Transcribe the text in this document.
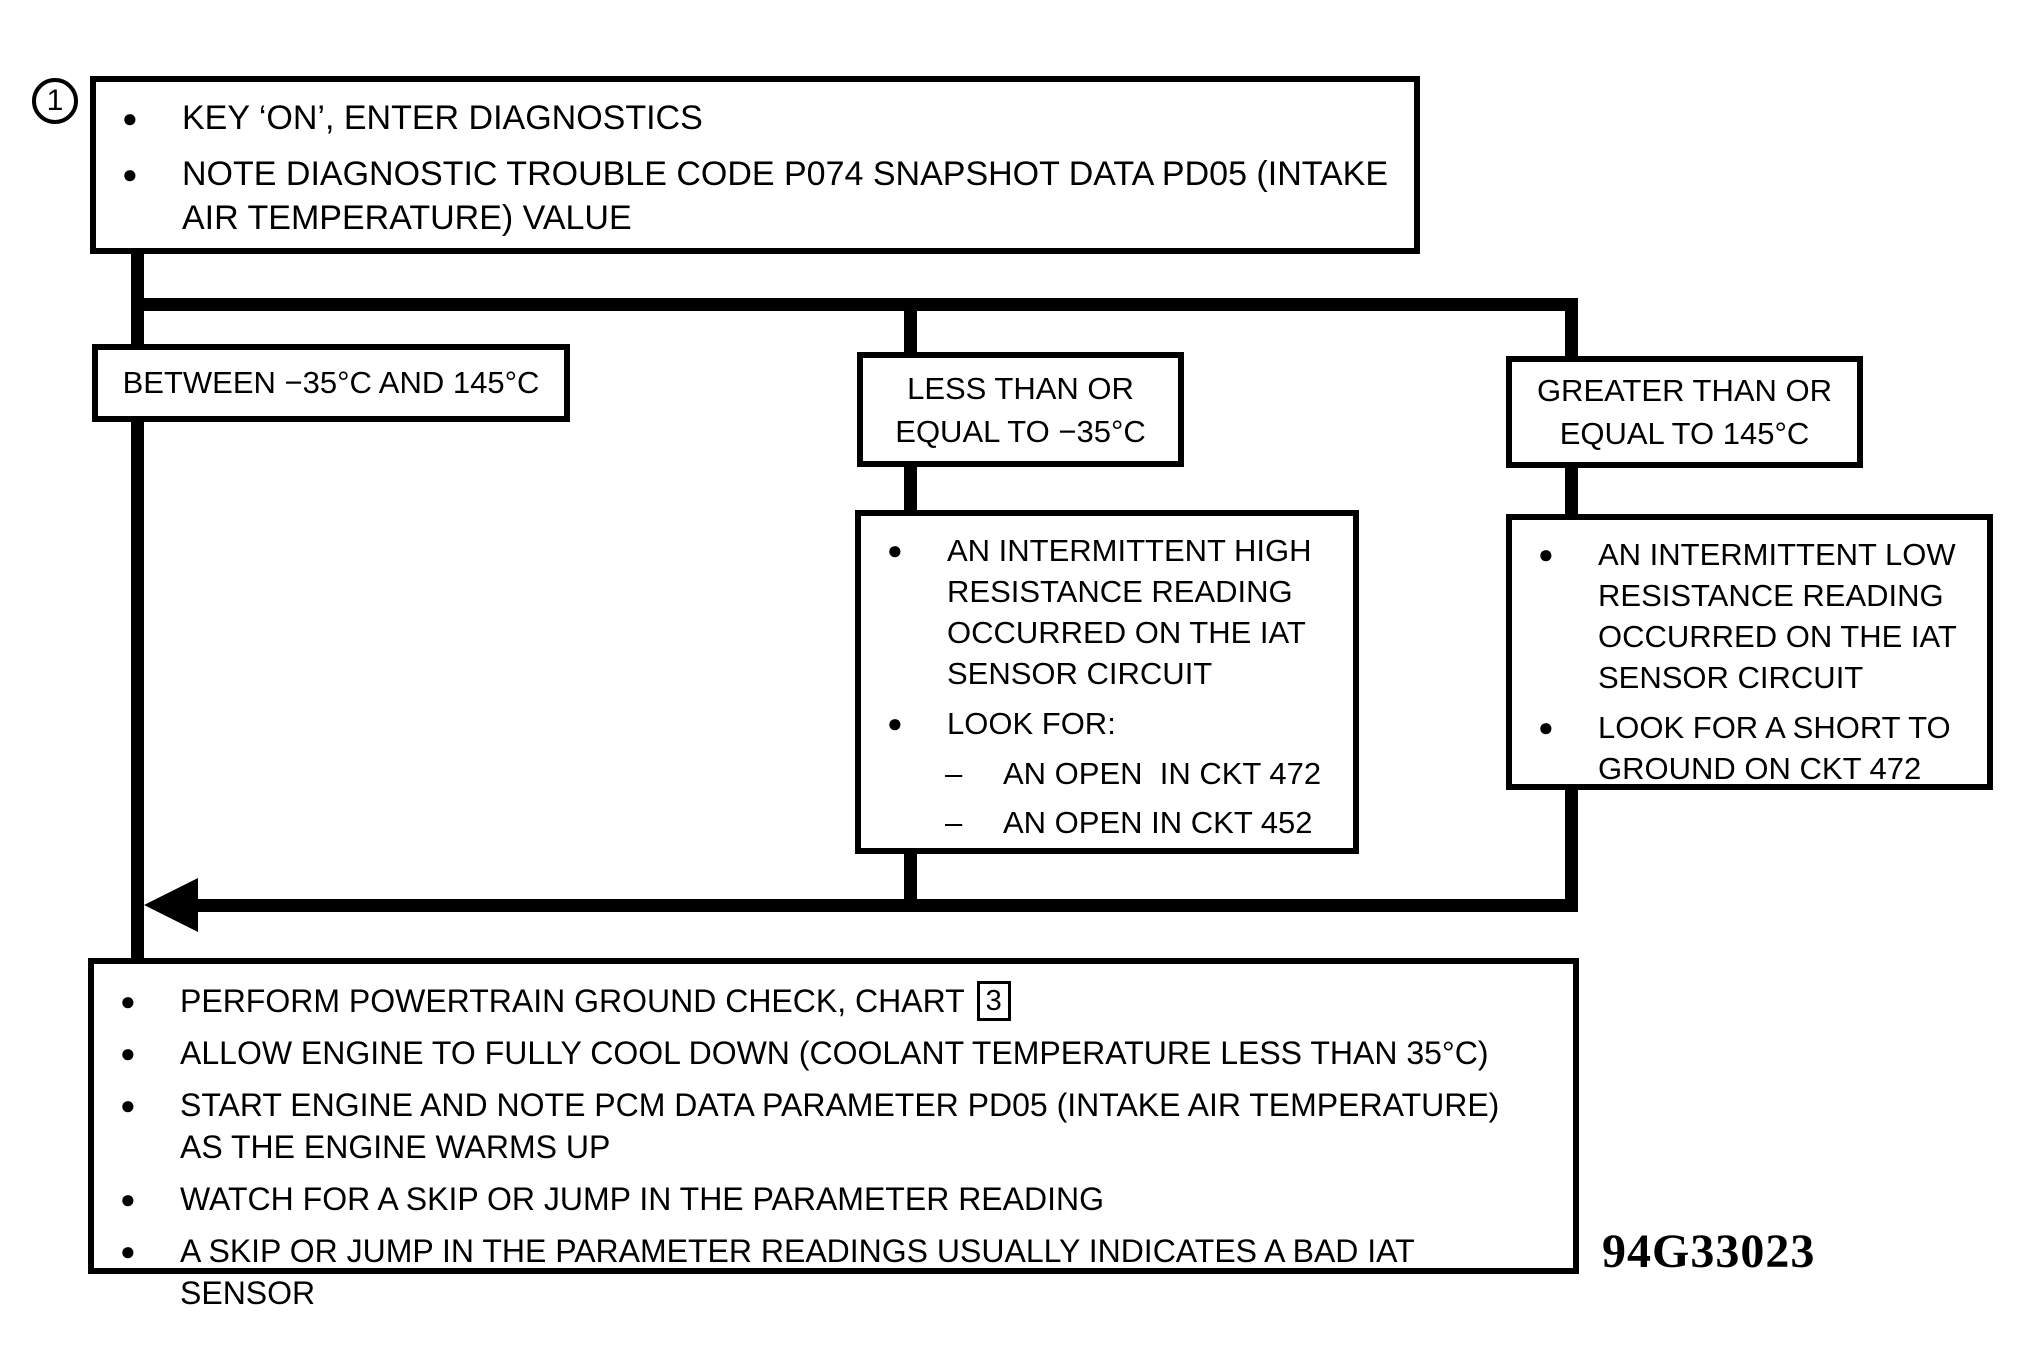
1
●	KEY ‘ON’, ENTER DIAGNOSTICS
●	NOTE DIAGNOSTIC TROUBLE CODE P074 SNAPSHOT DATA PD05 (INTAKE AIR TEMPERATURE) VALUE
BETWEEN −35°C AND 145°C	LESS THAN OR
EQUAL TO −35°C
GREATER THAN OR
EQUAL TO 145°C
●	AN INTERMITTENT HIGH RESISTANCE READING OCCURRED ON THE IAT SENSOR CIRCUIT
●	LOOK FOR:
–	AN OPEN  IN CKT 472
–	AN OPEN IN CKT 452
●	AN INTERMITTENT LOW RESISTANCE READING OCCURRED ON THE IAT SENSOR CIRCUIT
●	LOOK FOR A SHORT TO GROUND ON CKT 472
●	PERFORM POWERTRAIN GROUND CHECK, CHART 3
●	ALLOW ENGINE TO FULLY COOL DOWN (COOLANT TEMPERATURE LESS THAN 35°C)
●	START ENGINE AND NOTE PCM DATA PARAMETER PD05 (INTAKE AIR TEMPERATURE) AS THE ENGINE WARMS UP
●	WATCH FOR A SKIP OR JUMP IN THE PARAMETER READING
●	A SKIP OR JUMP IN THE PARAMETER READINGS USUALLY INDICATES A BAD IAT SENSOR
94G33023
